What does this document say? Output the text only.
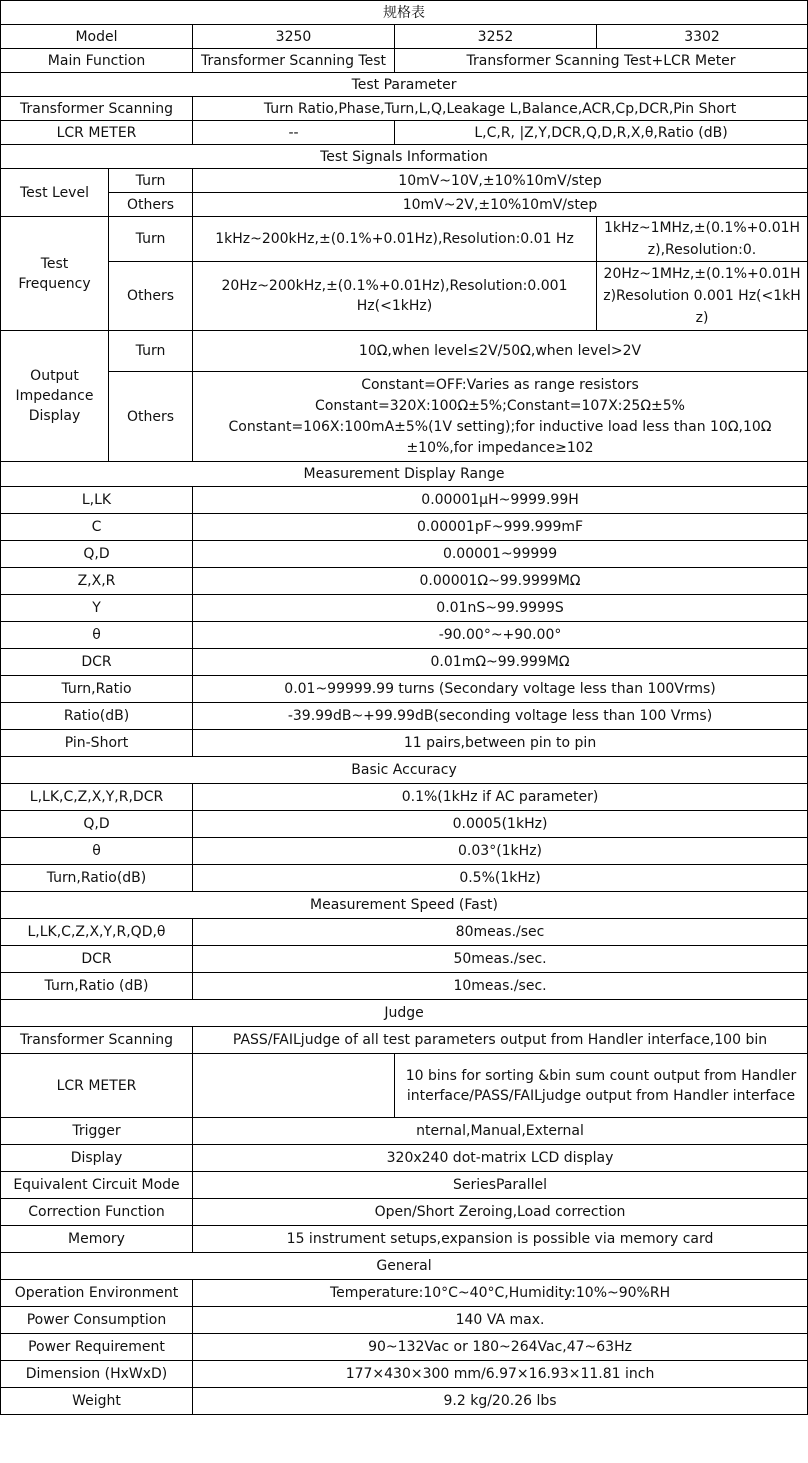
规格表				
Model		3250	3252	3302
Main Function		Transformer Scanning Test	Transformer Scanning Test+LCR Meter	
Test Parameter				
Transformer Scanning		Turn Ratio,Phase,Turn,L,Q,Leakage L,Balance,ACR,Cp,DCR,Pin Short		
LCR METER		--	L,C,R, |Z,Y,DCR,Q,D,R,X,θ,Ratio (dB)	
Test Signals Information				
Test Level	Turn	10mV~10V,±10%10mV/step		
	Others	10mV~2V,±10%10mV/step		
Test Frequency	Turn	1kHz~200kHz,±(0.1%+0.01Hz),Resolution:0.01 Hz		1kHz~1MHz,±(0.1%+0.01Hz),Resolution:0.

	Others	20Hz~200kHz,±(0.1%+0.01Hz),Resolution:0.001 Hz(<1kHz)		20Hz~1MHz,±(0.1%+0.01Hz)Resolution 0.001 Hz(<1kHz)
Output Impedance Display	Turn	10Ω,when level≤2V/50Ω,when level>2V		
	Others	Constant=OFF:Varies as range resistors
Constant=320X:100Ω±5%;Constant=107X:25Ω±5%
Constant=106X:100mA±5%(1V setting);for inductive load less than 10Ω,10Ω
±10%,for impedance≥102		

Measurement Display Range				
L,LK		0.00001μH~9999.99H		
C		0.00001pF~999.999mF		
Q,D		0.00001~99999		
Z,X,R		0.00001Ω~99.9999MΩ		
Y		0.01nS~99.9999S		
θ		-90.00°~+90.00°		
DCR		0.01mΩ~99.999MΩ		
Turn,Ratio		0.01~99999.99 turns (Secondary voltage less than 100Vrms)		
Ratio(dB)		-39.99dB~+99.99dB(seconding voltage less than 100 Vrms)		
Pin-Short		11 pairs,between pin to pin		
Basic Accuracy				
L,LK,C,Z,X,Y,R,DCR		0.1%(1kHz if AC parameter)		
Q,D		0.0005(1kHz)		
θ		0.03°(1kHz)		
Turn,Ratio(dB)		0.5%(1kHz)		
Measurement Speed (Fast)				
L,LK,C,Z,X,Y,R,QD,θ		80meas./sec		
DCR		50meas./sec.		
Turn,Ratio (dB)		10meas./sec.		
Judge				
Transformer Scanning		PASS/FAILjudge of all test parameters output from Handler interface,100 bin		

LCR METER			10 bins for sorting &bin sum count output from Handler interface/PASS/FAILjudge output from Handler interface	
Trigger		nternal,Manual,External		
Display		320x240 dot-matrix LCD display		
Equivalent Circuit Mode		SeriesParallel		
Correction Function		Open/Short Zeroing,Load correction		
Memory		15 instrument setups,expansion is possible via memory card		
General				
Operation Environment		Temperature:10°C~40°C,Humidity:10%~90%RH		
Power Consumption		140 VA max.		
Power Requirement		90~132Vac or 180~264Vac,47~63Hz		
Dimension (HxWxD)		177×430×300 mm/6.97×16.93×11.81 inch		
Weight		9.2 kg/20.26 lbs		
